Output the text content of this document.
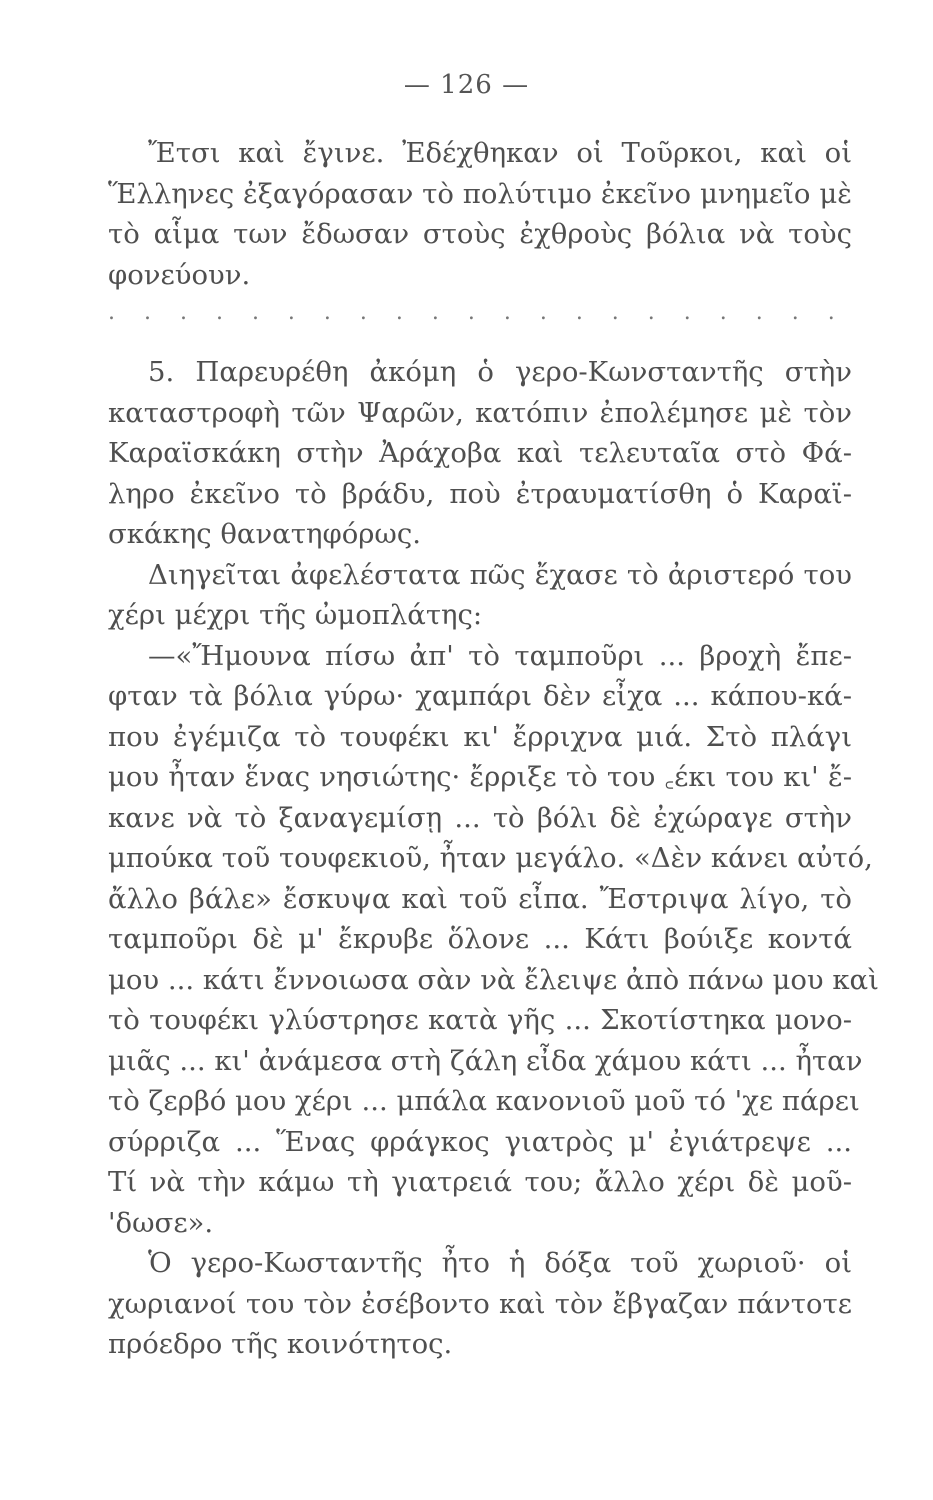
— 126 —
Ἔτσι καὶ ἔγινε. Ἐδέχθηκαν οἱ Τοῦρκοι, καὶ οἱ
Ἕλληνες ἐξαγόρασαν τὸ πολύτιμο ἐκεῖνο μνημεῖο μὲ
τὸ αἷμα των ἔδωσαν στοὺς ἐχθροὺς βόλια νὰ τοὺς
φονεύουν.
. . . . . . . . . . . . . . . . . . . . .
5. Παρευρέθη ἀκόμη ὁ γερο-Κωνσταντῆς στὴν
καταστροφὴ τῶν Ψαρῶν, κατόπιν ἐπολέμησε μὲ τὸν
Καραϊσκάκη στὴν Ἀράχοβα καὶ τελευταῖα στὸ Φά-
ληρο ἐκεῖνο τὸ βράδυ, ποὺ ἐτραυματίσθη ὁ Καραϊ-
σκάκης θανατηφόρως.
Διηγεῖται ἀφελέστατα πῶς ἔχασε τὸ ἀριστερό του
χέρι μέχρι τῆς ὠμοπλάτης:
—«Ἤμουνα πίσω ἀπ' τὸ ταμποῦρι ... βροχὴ ἔπε-
φταν τὰ βόλια γύρω· χαμπάρι δὲν εἶχα ... κάπου-κά-
που ἐγέμιζα τὸ τουφέκι κι' ἔρριχνα μιά. Στὸ πλάγι
μου ἦταν ἕνας νησιώτης· ἔρριξε τὸ του ꜀έκι του κι' ἔ-
κανε νὰ τὸ ξαναγεμίσῃ ... τὸ βόλι δὲ ἐχώραγε στὴν
μπούκα τοῦ τουφεκιοῦ, ἦταν μεγάλο. «Δὲν κάνει αὐτό,
ἄλλο βάλε» ἔσκυψα καὶ τοῦ εἶπα. Ἔστριψα λίγο, τὸ
ταμποῦρι δὲ μ' ἔκρυβε ὅλονε ... Κάτι βούιξε κοντά
μου ... κάτι ἔννοιωσα σὰν νὰ ἔλειψε ἀπὸ πάνω μου καὶ
τὸ τουφέκι γλύστρησε κατὰ γῆς ... Σκοτίστηκα μονο-
μιᾶς ... κι' ἀνάμεσα στὴ ζάλη εἶδα χάμου κάτι ... ἦταν
τὸ ζερβό μου χέρι ... μπάλα κανονιοῦ μοῦ τό 'χε πάρει
σύρριζα ... Ἕνας φράγκος γιατρὸς μ' ἐγιάτρεψε ...
Τί νὰ τὴν κάμω τὴ γιατρειά του; ἄλλο χέρι δὲ μοῦ-
'δωσε».
Ὁ γερο-Κωσταντῆς ἦτο ἡ δόξα τοῦ χωριοῦ· οἱ
χωριανοί του τὸν ἐσέβοντο καὶ τὸν ἔβγαζαν πάντοτε
πρόεδρο τῆς κοινότητος.
